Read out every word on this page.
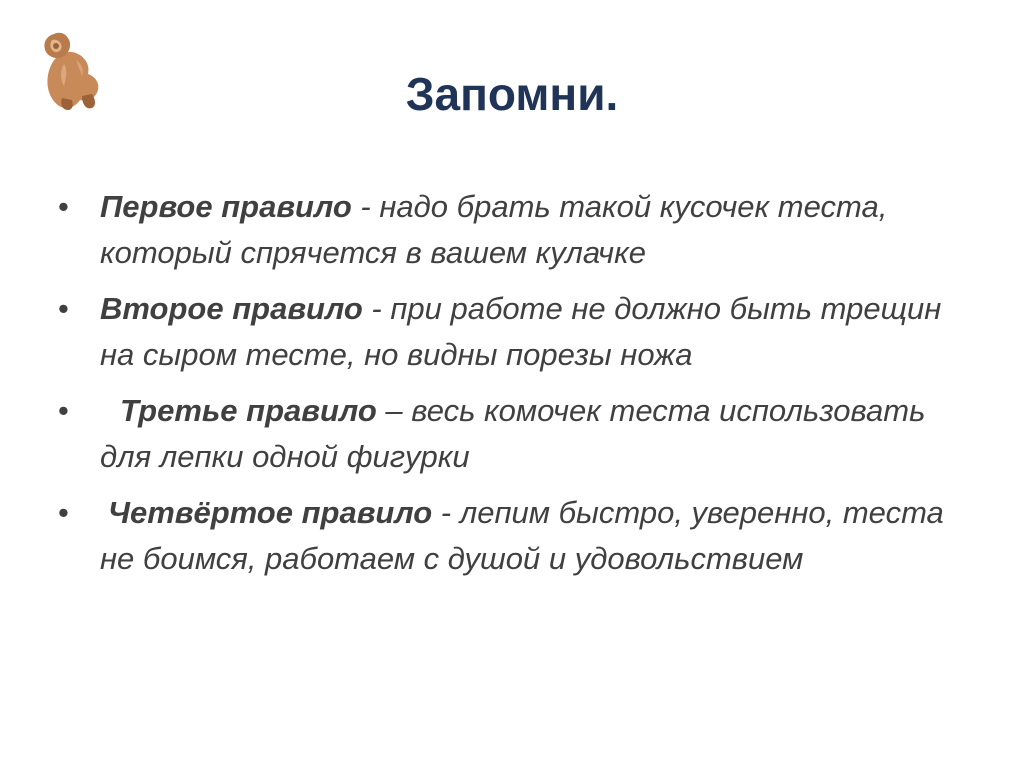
Запомни.
• Первое правило - надо брать такой кусочек теста, который спрячется в вашем кулачке
• Второе правило - при работе не должно быть трещин на сыром тесте, но видны порезы ножа
• Третье правило – весь комочек теста использовать для лепки одной фигурки
• Четвёртое правило - лепим быстро, уверенно, теста не боимся, работаем с душой и удовольствием
